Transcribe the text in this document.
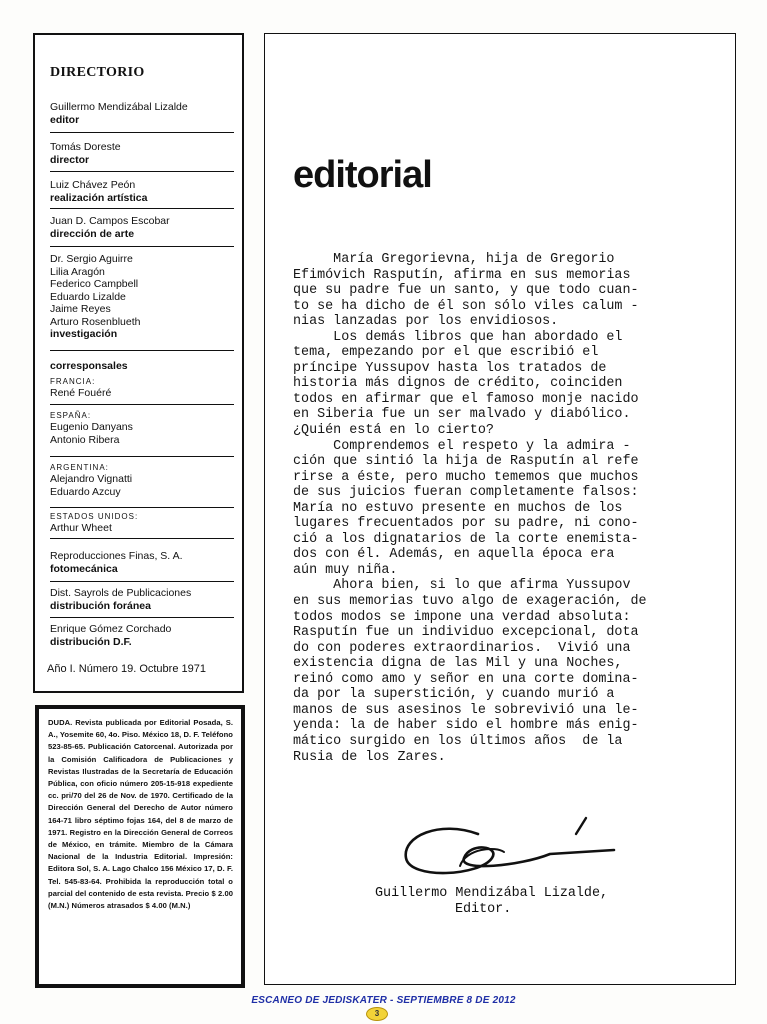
DIRECTORIO
Guillermo Mendizábal Lizalde
editor
Tomás Doreste
director
Luiz Chávez Peón
realización artística
Juan D. Campos Escobar
dirección de arte
Dr. Sergio Aguirre
Lilia Aragón
Federico Campbell
Eduardo Lizalde
Jaime Reyes
Arturo Rosenblueth
investigación
corresponsales
FRANCIA:
René Fouéré
ESPAÑA:
Eugenio Danyans
Antonio Ribera
ARGENTINA:
Alejandro Vignatti
Eduardo Azcuy
ESTADOS UNIDOS:
Arthur Wheet
Reproducciones Finas, S. A.
fotomecánica
Dist. Sayrols de Publicaciones
distribución foránea
Enrique Gómez Corchado
distribución D.F.
Año I. Número 19. Octubre 1971
DUDA. Revista publicada por Editorial Posada, S. A., Yosemite 60, 4o. Piso. México 18, D. F. Teléfono 523-85-65. Publicación Catorcenal. Autorizada por la Comisión Calificadora de Publicaciones y Revistas Ilustradas de la Secretaría de Educación Pública, con oficio número 205-15-918 expediente cc. pri/70 del 26 de Nov. de 1970. Certificado de la Dirección General del Derecho de Autor número 164-71 libro séptimo fojas 164, del 8 de marzo de 1971. Registro en la Dirección General de Correos de México, en trámite. Miembro de la Cámara Nacional de la Industria Editorial. Impresión: Editora Sol, S. A. Lago Chalco 156 México 17, D. F. Tel. 545-83-64. Prohibida la reproducción total o parcial del contenido de esta revista. Precio $ 2.00 (M.N.) Números atrasados $ 4.00 (M.N.)
editorial

María Gregorievna, hija de Gregorio
Efimóvich Rasputín, afirma en sus memorias
que su padre fue un santo, y que todo cuan-
to se ha dicho de él son sólo viles calum -
nias lanzadas por los envidiosos.

Los demás libros que han abordado el
tema, empezando por el que escribió el
príncipe Yussupov hasta los tratados de
historia más dignos de crédito, coinciden
todos en afirmar que el famoso monje nacido
en Siberia fue un ser malvado y diabólico.
¿Quién está en lo cierto?

Comprendemos el respeto y la admira -
ción que sintió la hija de Rasputín al refe
rirse a éste, pero mucho tememos que muchos
de sus juicios fueran completamente falsos:
María no estuvo presente en muchos de los
lugares frecuentados por su padre, ni cono-
ció a los dignatarios de la corte enemista-
dos con él. Además, en aquella época era
aún muy niña.

Ahora bien, si lo que afirma Yussupov
en sus memorias tuvo algo de exageración, de
todos modos se impone una verdad absoluta:
Rasputín fue un individuo excepcional, dota
do con poderes extraordinarios.  Vivió una
existencia digna de las Mil y una Noches,
reinó como amo y señor en una corte domina-
da por la superstición, y cuando murió a
manos de sus asesinos le sobrevivió una le-
yenda: la de haber sido el hombre más enig-
mático surgido en los últimos años  de la
Rusia de los Zares.

Guillermo Mendizábal Lizalde,
Editor.
ESCANEO DE JEDISKATER - SEPTIEMBRE 8 DE 2012
3
